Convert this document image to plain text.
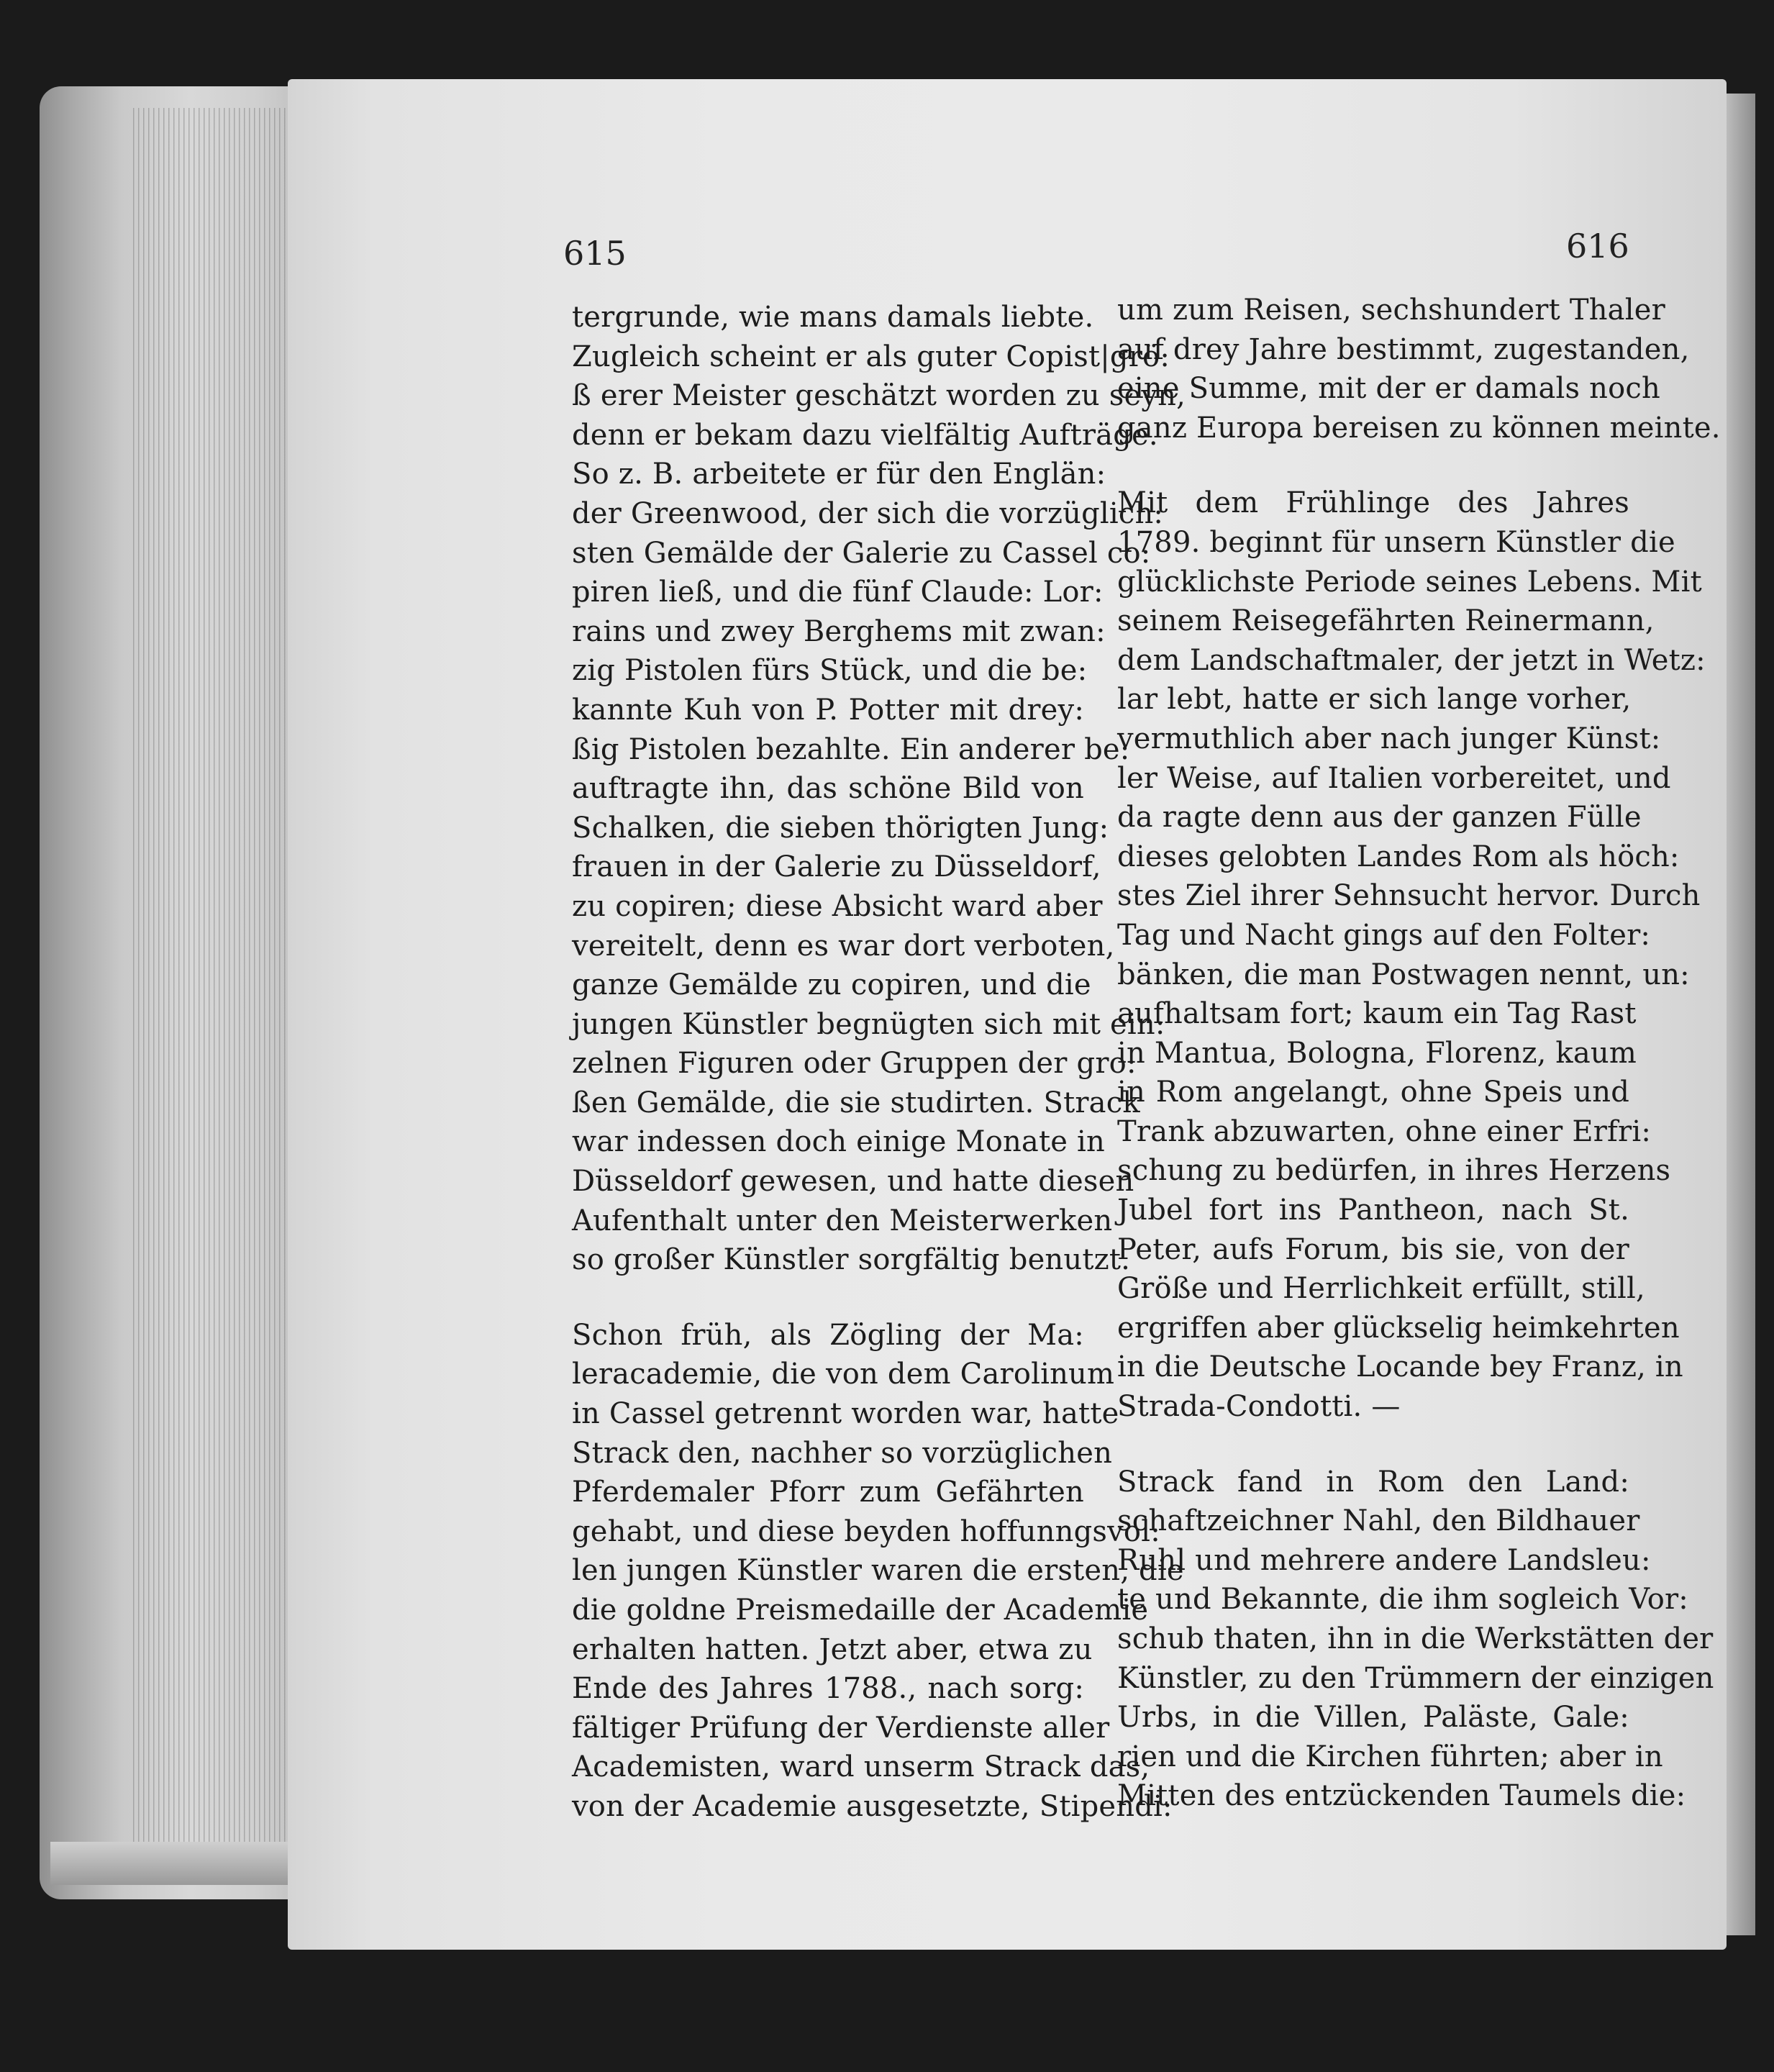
615	616
tergrunde, wie mans damals liebte.
Zugleich scheint er als guter Copist|grö:
ß erer Meister geschätzt worden zu seyn,
denn er bekam dazu vielfältig Aufträge.
So z. B. arbeitete er für den Englän:
der Greenwood, der sich die vorzüglich:
sten Gemälde der Galerie zu Cassel co:
piren ließ, und die fünf Claude: Lor:
rains und zwey Berghems mit zwan:
zig Pistolen fürs Stück, und die be:
kannte Kuh von P. Potter mit drey:
ßig Pistolen bezahlte. Ein anderer be:
auftragte ihn, das schöne Bild von
Schalken, die sieben thörigten Jung:
frauen in der Galerie zu Düsseldorf,
zu copiren; diese Absicht ward aber
vereitelt, denn es war dort verboten,
ganze Gemälde zu copiren, und die
jungen Künstler begnügten sich mit ein:
zelnen Figuren oder Gruppen der gro:
ßen Gemälde, die sie studirten. Strack
war indessen doch einige Monate in
Düsseldorf gewesen, und hatte diesen
Aufenthalt unter den Meisterwerken
so großer Künstler sorgfältig benutzt.
Schon früh, als Zögling der Ma:
leracademie, die von dem Carolinum
in Cassel getrennt worden war, hatte
Strack den, nachher so vorzüglichen
Pferdemaler Pforr zum Gefährten
gehabt, und diese beyden hoffunngsvol:
len jungen Künstler waren die ersten, die
die goldne Preismedaille der Academie
erhalten hatten. Jetzt aber, etwa zu
Ende des Jahres 1788., nach sorg:
fältiger Prüfung der Verdienste aller
Academisten, ward unserm Strack das,
von der Academie ausgesetzte, Stipendi:
um zum Reisen, sechshundert Thaler
auf drey Jahre bestimmt, zugestanden,
eine Summe, mit der er damals noch
ganz Europa bereisen zu können meinte.
Mit dem Frühlinge des Jahres
1789. beginnt für unsern Künstler die
glücklichste Periode seines Lebens. Mit
seinem Reisegefährten Reinermann,
dem Landschaftmaler, der jetzt in Wetz:
lar lebt, hatte er sich lange vorher,
vermuthlich aber nach junger Künst:
ler Weise, auf Italien vorbereitet, und
da ragte denn aus der ganzen Fülle
dieses gelobten Landes Rom als höch:
stes Ziel ihrer Sehnsucht hervor. Durch
Tag und Nacht gings auf den Folter:
bänken, die man Postwagen nennt, un:
aufhaltsam fort; kaum ein Tag Rast
in Mantua, Bologna, Florenz, kaum
in Rom angelangt, ohne Speis und
Trank abzuwarten, ohne einer Erfri:
schung zu bedürfen, in ihres Herzens
Jubel fort ins Pantheon, nach St.
Peter, aufs Forum, bis sie, von der
Größe und Herrlichkeit erfüllt, still,
ergriffen aber glückselig heimkehrten
in die Deutsche Locande bey Franz, in
Strada-Condotti. —
Strack fand in Rom den Land:
schaftzeichner Nahl, den Bildhauer
Ruhl und mehrere andere Landsleu:
te und Bekannte, die ihm sogleich Vor:
schub thaten, ihn in die Werkstätten der
Künstler, zu den Trümmern der einzigen
Urbs, in die Villen, Paläste, Gale:
rien und die Kirchen führten; aber in
Mitten des entzückenden Taumels die:
